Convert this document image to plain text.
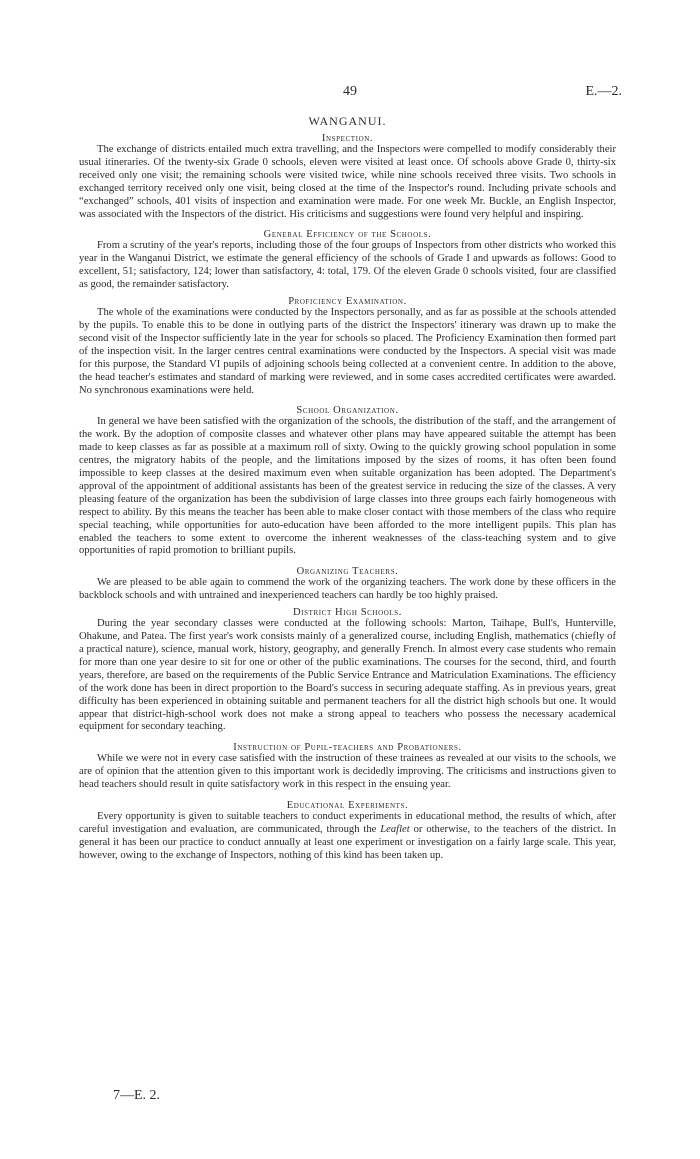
49	E.—2.
WANGANUI.
Inspection.

The exchange of districts entailed much extra travelling, and the Inspectors were compelled to modify considerably their usual itineraries. Of the twenty-six Grade 0 schools, eleven were visited at least once. Of schools above Grade 0, thirty-six received only one visit; the remaining schools were visited twice, while nine schools received three visits. Two schools in exchanged territory received only one visit, being closed at the time of the Inspector's round. Including private schools and “exchanged” schools, 401 visits of inspection and examination were made. For one week Mr. Buckle, an English Inspector, was associated with the Inspectors of the district. His criticisms and suggestions were found very helpful and inspiring.

General Efficiency of the Schools.

From a scrutiny of the year's reports, including those of the four groups of Inspectors from other districts who worked this year in the Wanganui District, we estimate the general efficiency of the schools of Grade I and upwards as follows: Good to excellent, 51; satisfactory, 124; lower than satisfactory, 4: total, 179. Of the eleven Grade 0 schools visited, four are classified as good, the remainder satisfactory.

Proficiency Examination.

The whole of the examinations were conducted by the Inspectors personally, and as far as possible at the schools attended by the pupils. To enable this to be done in outlying parts of the district the Inspectors' itinerary was drawn up to make the second visit of the Inspector sufficiently late in the year for schools so placed. The Proficiency Examination then formed part of the inspection visit. In the larger centres central examinations were conducted by the Inspectors. A special visit was made for this purpose, the Standard VI pupils of adjoining schools being collected at a convenient centre. In addition to the above, the head teacher's estimates and standard of marking were reviewed, and in some cases accredited certificates were awarded. No synchronous examinations were held.

School Organization.

In general we have been satisfied with the organization of the schools, the distribution of the staff, and the arrangement of the work. By the adoption of composite classes and whatever other plans may have appeared suitable the attempt has been made to keep classes as far as possible at a maximum roll of sixty. Owing to the quickly growing school population in some centres, the migratory habits of the people, and the limitations imposed by the sizes of rooms, it has often been found impossible to keep classes at the desired maximum even when suitable organization has been adopted. The Department's approval of the appointment of additional assistants has been of the greatest service in reducing the size of the classes. A very pleasing feature of the organization has been the subdivision of large classes into three groups each fairly homogeneous with respect to ability. By this means the teacher has been able to make closer contact with those members of the class who require special teaching, while opportunities for auto-education have been afforded to the more intelligent pupils. This plan has enabled the teachers to some extent to overcome the inherent weaknesses of the class-teaching system and to give opportunities of rapid promotion to brilliant pupils.

Organizing Teachers.

We are pleased to be able again to commend the work of the organizing teachers. The work done by these officers in the backblock schools and with untrained and inexperienced teachers can hardly be too highly praised.

District High Schools.

During the year secondary classes were conducted at the following schools: Marton, Taihape, Bull's, Hunterville, Ohakune, and Patea. The first year's work consists mainly of a generalized course, including English, mathematics (chiefly of a practical nature), science, manual work, history, geography, and generally French. In almost every case students who remain for more than one year desire to sit for one or other of the public examinations. The courses for the second, third, and fourth years, therefore, are based on the requirements of the Public Service Entrance and Matriculation Examinations. The efficiency of the work done has been in direct proportion to the Board's success in securing adequate staffing. As in previous years, great difficulty has been experienced in obtaining suitable and permanent teachers for all the district high schools but one. It would appear that district-high-school work does not make a strong appeal to teachers who possess the necessary academical equipment for secondary teaching.

Instruction of Pupil-teachers and Probationers.

While we were not in every case satisfied with the instruction of these trainees as revealed at our visits to the schools, we are of opinion that the attention given to this important work is decidedly improving. The criticisms and instructions given to head teachers should result in quite satisfactory work in this respect in the ensuing year.

Educational Experiments.

Every opportunity is given to suitable teachers to conduct experiments in educational method, the results of which, after careful investigation and evaluation, are communicated, through the Leaflet or otherwise, to the teachers of the district. In general it has been our practice to conduct annually at least one experiment or investigation on a fairly large scale. This year, however, owing to the exchange of Inspectors, nothing of this kind has been taken up.

7—E. 2.
